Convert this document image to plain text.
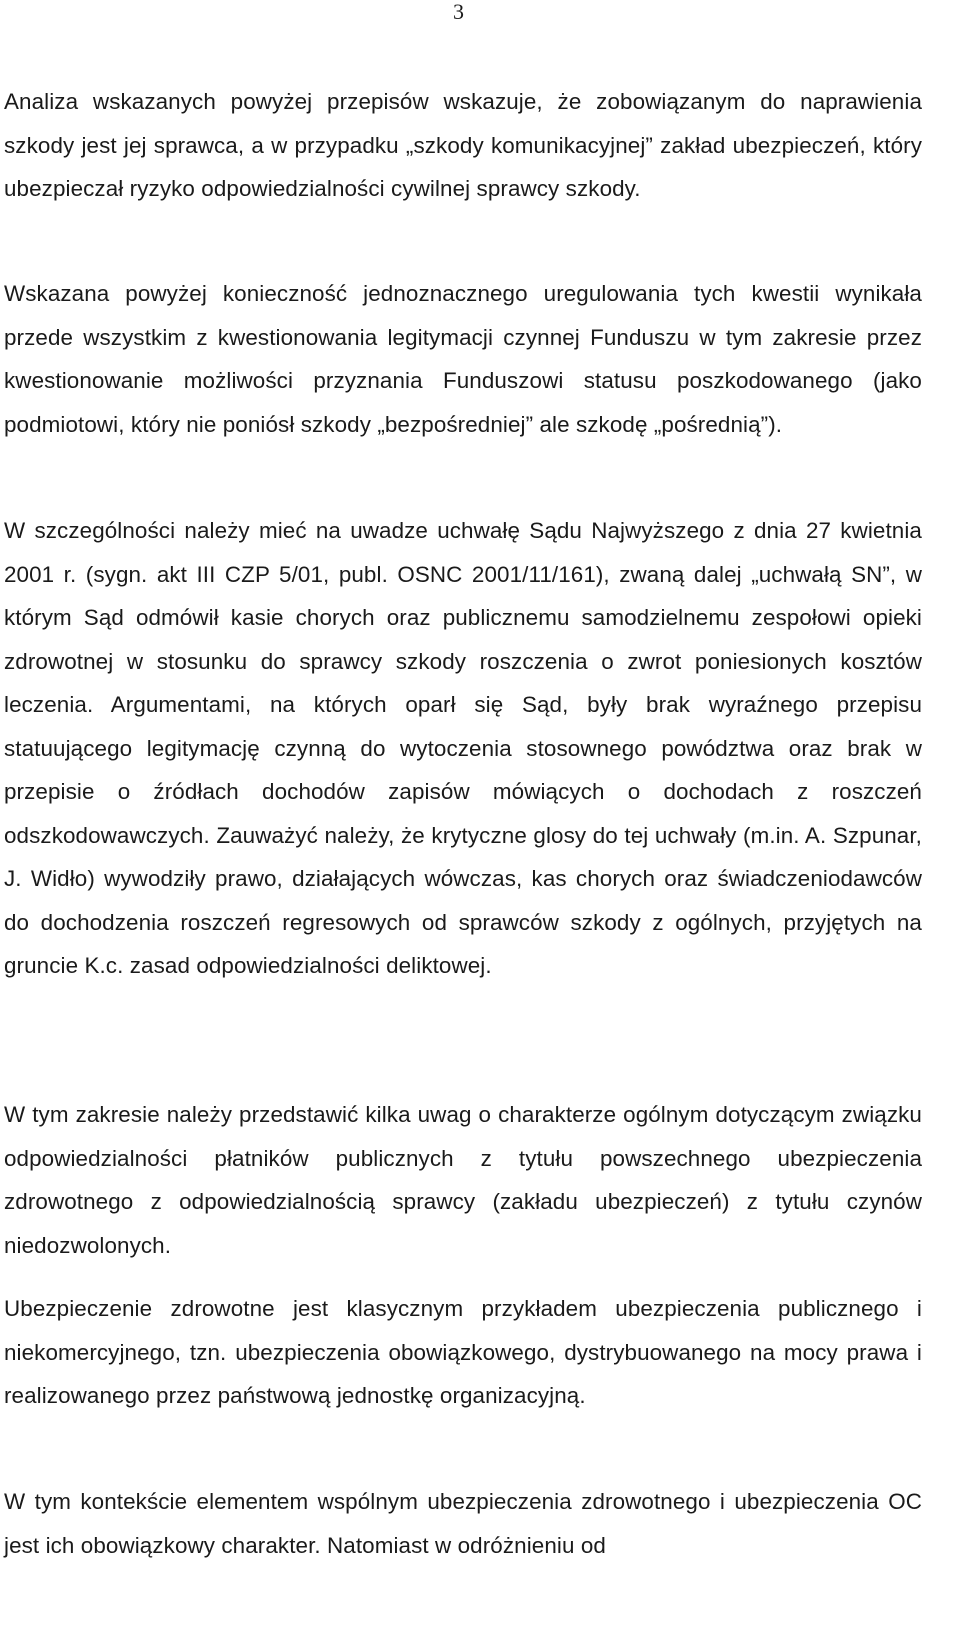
3

Analiza wskazanych powyżej przepisów wskazuje, że zobowiązanym do naprawienia szkody jest jej sprawca, a w przypadku „szkody komunikacyjnej” zakład ubezpieczeń, który ubezpieczał ryzyko odpowiedzialności cywilnej sprawcy szkody.

Wskazana powyżej konieczność jednoznacznego uregulowania tych kwestii wynikała przede wszystkim z kwestionowania legitymacji czynnej Funduszu w tym zakresie przez kwestionowanie możliwości przyznania Funduszowi statusu poszkodowanego (jako podmiotowi, który nie poniósł szkody „bezpośredniej” ale szkodę „pośrednią”).

W szczególności należy mieć na uwadze uchwałę Sądu Najwyższego z dnia 27 kwietnia 2001 r. (sygn. akt III CZP 5/01, publ. OSNC 2001/11/161), zwaną dalej „uchwałą SN”, w którym Sąd odmówił kasie chorych oraz publicznemu samodzielnemu zespołowi opieki zdrowotnej w stosunku do sprawcy szkody roszczenia o zwrot poniesionych kosztów leczenia. Argumentami, na których oparł się Sąd, były brak wyraźnego przepisu statuującego legitymację czynną do wytoczenia stosownego powództwa oraz brak w przepisie o źródłach dochodów zapisów mówiących o dochodach z roszczeń odszkodowawczych. Zauważyć należy, że krytyczne glosy do tej uchwały (m.in. A. Szpunar, J. Widło) wywodziły prawo, działających wówczas, kas chorych oraz świadczeniodawców do dochodzenia roszczeń regresowych od sprawców szkody z ogólnych, przyjętych na gruncie K.c. zasad odpowiedzialności deliktowej.

W tym zakresie należy przedstawić kilka uwag o charakterze ogólnym dotyczącym związku odpowiedzialności płatników publicznych z tytułu powszechnego ubezpieczenia zdrowotnego z odpowiedzialnością sprawcy (zakładu ubezpieczeń) z tytułu czynów niedozwolonych.

Ubezpieczenie zdrowotne jest klasycznym przykładem ubezpieczenia publicznego i niekomercyjnego, tzn. ubezpieczenia obowiązkowego, dystrybuowanego na mocy prawa i realizowanego przez państwową jednostkę organizacyjną.

W tym kontekście elementem wspólnym ubezpieczenia zdrowotnego i ubezpieczenia OC jest ich obowiązkowy charakter. Natomiast w odróżnieniu od
